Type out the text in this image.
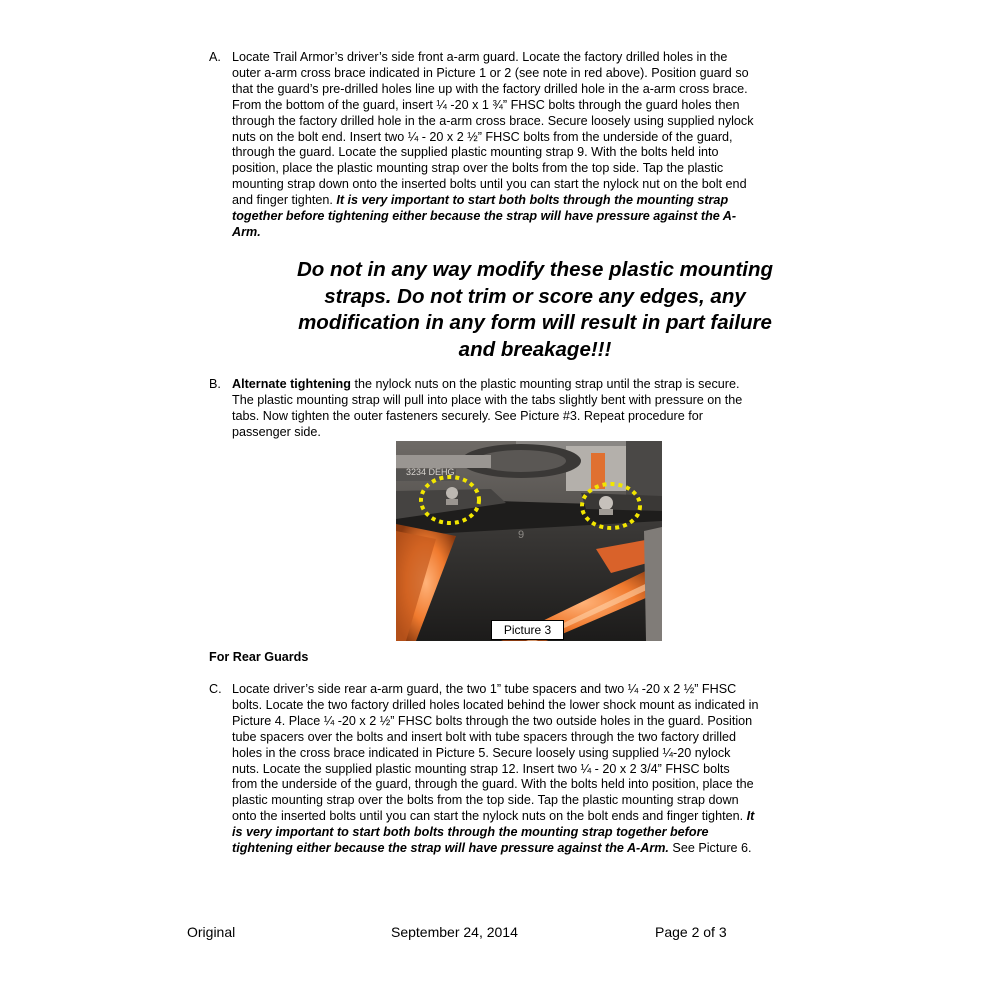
A. Locate Trail Armor’s driver’s side front a-arm guard. Locate the factory drilled holes in the

outer a-arm cross brace indicated in Picture 1 or 2 (see note in red above). Position guard so

that the guard’s pre-drilled holes line up with the factory drilled hole in the a-arm cross brace.

From the bottom of the guard, insert ¼ -20 x 1 ¾” FHSC bolts through the guard holes then

through the factory drilled hole in the a-arm cross brace. Secure loosely using supplied nylock

nuts on the bolt end. Insert two ¼ - 20 x 2 ½” FHSC bolts from the underside of the guard,

through the guard. Locate the supplied plastic mounting strap 9. With the bolts held into

position, place the plastic mounting strap over the bolts from the top side. Tap the plastic

mounting strap down onto the inserted bolts until you can start the nylock nut on the bolt end

and finger tighten. It is very important to start both bolts through the mounting strap

together before tightening either because the strap will have pressure against the A-

Arm.

Do not in any way modify these plastic mounting
straps. Do not trim or score any edges, any
modification in any form will result in part failure
and breakage!!!
B. Alternate tightening the nylock nuts on the plastic mounting strap until the strap is secure.

The plastic mounting strap will pull into place with the tabs slightly bent with pressure on the

tabs. Now tighten the outer fasteners securely. See Picture #3. Repeat procedure for

passenger side.

3234 DEHG
9
Picture 3
For Rear Guards
C. Locate driver’s side rear a-arm guard, the two 1” tube spacers and two ¼ -20 x 2 ½” FHSC

bolts. Locate the two factory drilled holes located behind the lower shock mount as indicated in

Picture 4. Place ¼ -20 x 2 ½” FHSC bolts through the two outside holes in the guard. Position

tube spacers over the bolts and insert bolt with tube spacers through the two factory drilled

holes in the cross brace indicated in Picture 5. Secure loosely using supplied ¼-20 nylock

nuts. Locate the supplied plastic mounting strap 12. Insert two ¼ - 20 x 2 3/4” FHSC bolts

from the underside of the guard, through the guard. With the bolts held into position, place the

plastic mounting strap over the bolts from the top side. Tap the plastic mounting strap down

onto the inserted bolts until you can start the nylock nuts on the bolt ends and finger tighten. It

is very important to start both bolts through the mounting strap together before

tightening either because the strap will have pressure against the A-Arm. See Picture 6.

Original	September 24, 2014	Page 2 of 3
